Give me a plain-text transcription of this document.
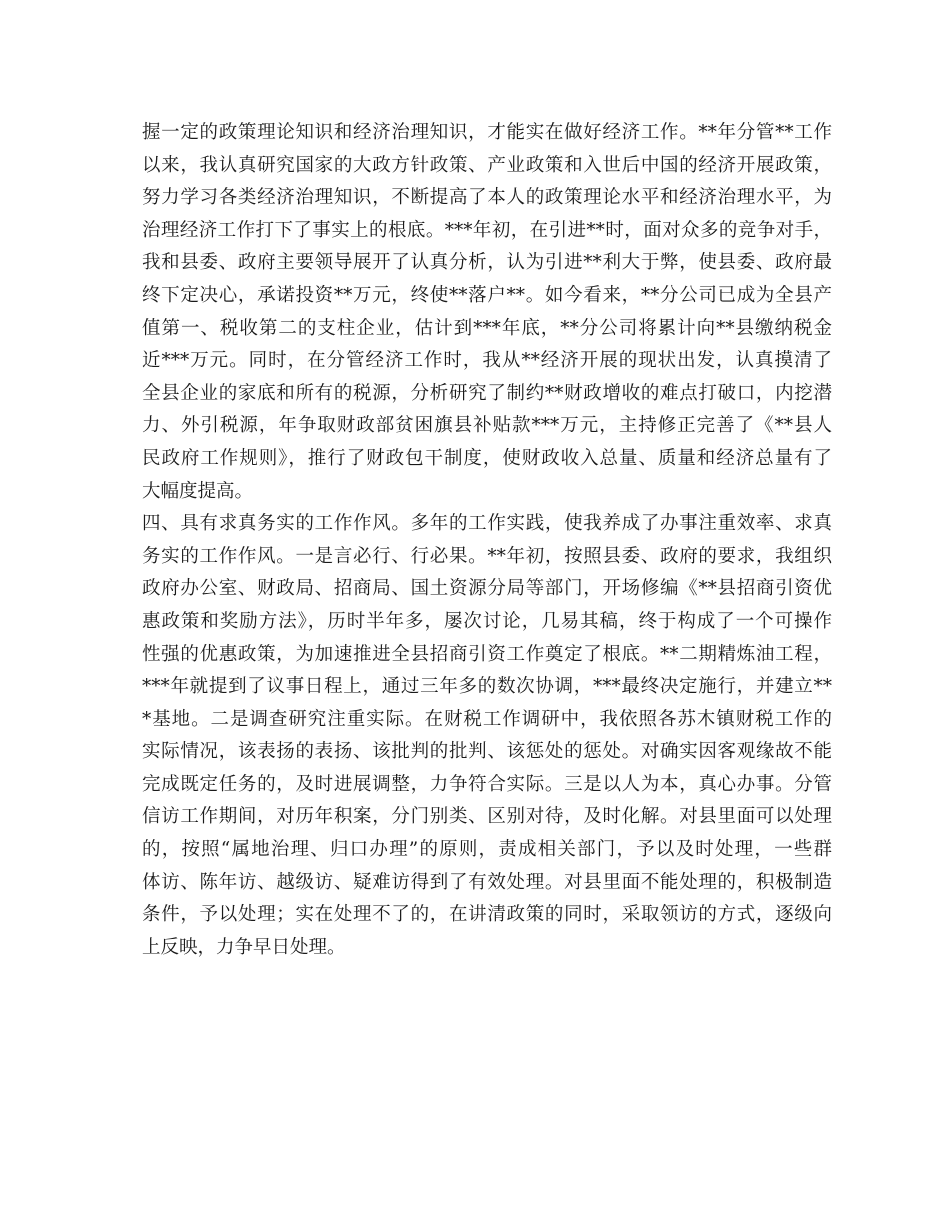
握一定的政策理论知识和经济治理知识，才能实在做好经济工作。**年分管**工作
以来，我认真研究国家的大政方针政策、产业政策和入世后中国的经济开展政策，
努力学习各类经济治理知识，不断提高了本人的政策理论水平和经济治理水平，为
治理经济工作打下了事实上的根底。***年初，在引进**时，面对众多的竞争对手，
我和县委、政府主要领导展开了认真分析，认为引进**利大于弊，使县委、政府最
终下定决心，承诺投资**万元，终使**落户**。如今看来，**分公司已成为全县产
值第一、税收第二的支柱企业，估计到***年底，**分公司将累计向**县缴纳税金
近***万元。同时，在分管经济工作时，我从**经济开展的现状出发，认真摸清了
全县企业的家底和所有的税源，分析研究了制约**财政增收的难点打破口，内挖潜
力、外引税源，年争取财政部贫困旗县补贴款***万元，主持修正完善了《**县人
民政府工作规则》，推行了财政包干制度，使财政收入总量、质量和经济总量有了
大幅度提高。
四、具有求真务实的工作作风。多年的工作实践，使我养成了办事注重效率、求真
务实的工作作风。一是言必行、行必果。**年初，按照县委、政府的要求，我组织
政府办公室、财政局、招商局、国土资源分局等部门，开场修编《**县招商引资优
惠政策和奖励方法》，历时半年多，屡次讨论，几易其稿，终于构成了一个可操作
性强的优惠政策，为加速推进全县招商引资工作奠定了根底。**二期精炼油工程，
***年就提到了议事日程上，通过三年多的数次协调，***最终决定施行，并建立**
*基地。二是调查研究注重实际。在财税工作调研中，我依照各苏木镇财税工作的
实际情况，该表扬的表扬、该批判的批判、该惩处的惩处。对确实因客观缘故不能
完成既定任务的，及时进展调整，力争符合实际。三是以人为本，真心办事。分管
信访工作期间，对历年积案，分门别类、区别对待，及时化解。对县里面可以处理
的，按照“属地治理、归口办理”的原则，责成相关部门，予以及时处理，一些群
体访、陈年访、越级访、疑难访得到了有效处理。对县里面不能处理的，积极制造
条件，予以处理；实在处理不了的，在讲清政策的同时，采取领访的方式，逐级向
上反映，力争早日处理。
